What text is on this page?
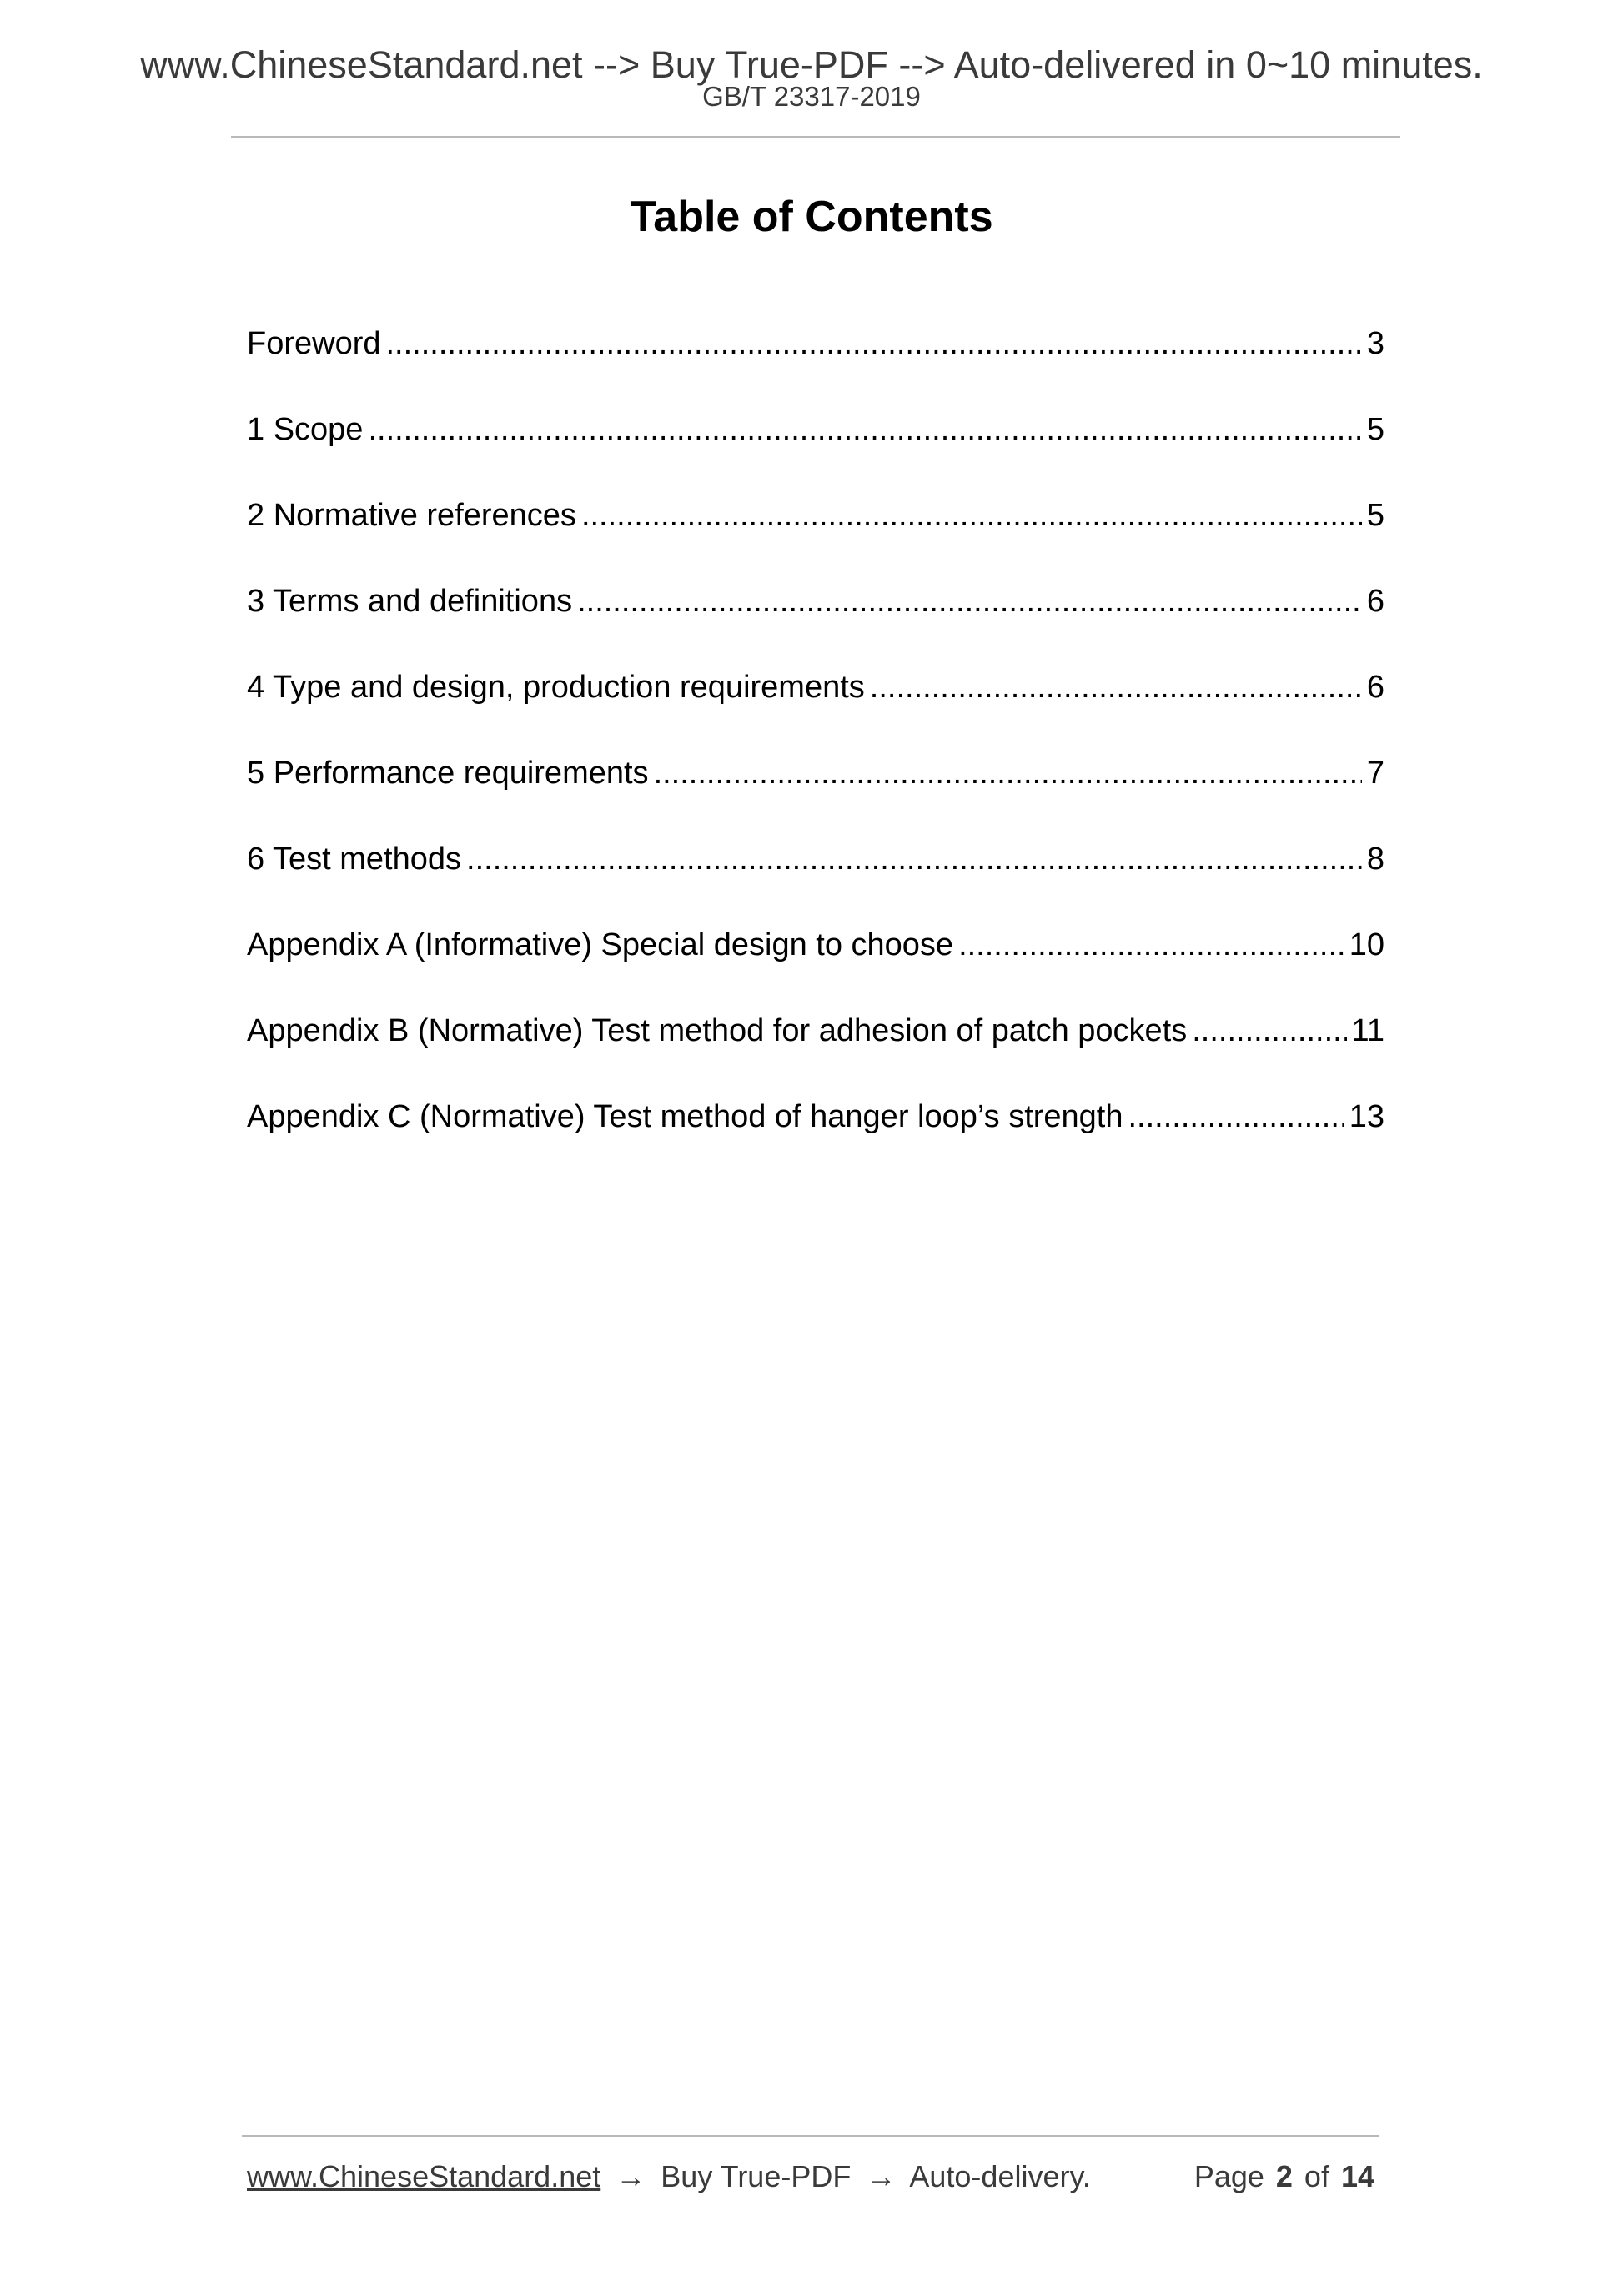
www.ChineseStandard.net --> Buy True-PDF --> Auto-delivered in 0~10 minutes.
GB/T 23317-2019
Table of Contents
Foreword .....	3
1 Scope .....	5
2 Normative references .....	5
3 Terms and definitions .....	6
4 Type and design, production requirements .....	6
5 Performance requirements .....	7
6 Test methods .....	8
Appendix A (Informative) Special design to choose .....	10
Appendix B (Normative) Test method for adhesion of patch pockets .....	11
Appendix C (Normative) Test method of hanger loop’s strength .....	13
www.ChineseStandard.net → Buy True-PDF → Auto-delivery.	Page 2 of 14
